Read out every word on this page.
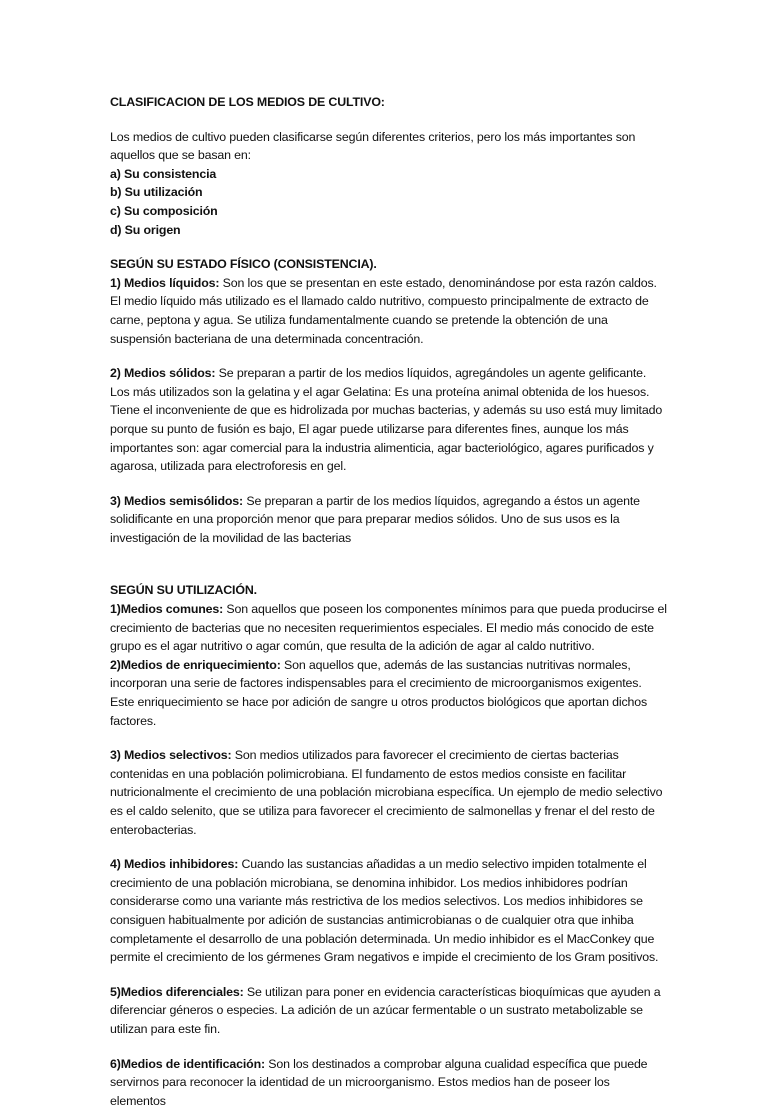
CLASIFICACION DE LOS MEDIOS DE CULTIVO:

Los medios de cultivo pueden clasificarse según diferentes criterios, pero los más importantes son aquellos que se basan en:

a) Su consistencia

b) Su utilización

c) Su composición

d) Su origen

SEGÚN SU ESTADO FÍSICO (CONSISTENCIA).

1) Medios líquidos: Son los que se presentan en este estado, denominándose por esta razón caldos. El medio líquido más utilizado es el llamado caldo nutritivo, compuesto principalmente de extracto de carne, peptona y agua. Se utiliza fundamentalmente cuando se pretende la obtención de una suspensión bacteriana de una determinada concentración.

2) Medios sólidos: Se preparan a partir de los medios líquidos, agregándoles un agente gelificante. Los más utilizados son la gelatina y el agar Gelatina: Es una proteína animal obtenida de los huesos. Tiene el inconveniente de que es hidrolizada por muchas bacterias, y además su uso está muy limitado porque su punto de fusión es bajo, El agar puede utilizarse para diferentes fines, aunque los más importantes son: agar comercial para la industria alimenticia, agar bacteriológico, agares purificados y agarosa, utilizada para electroforesis en gel.

3) Medios semisólidos: Se preparan a partir de los medios líquidos, agregando a éstos un agente solidificante en una proporción menor que para preparar medios sólidos. Uno de sus usos es la investigación de la movilidad de las bacterias

SEGÚN SU UTILIZACIÓN.

1)Medios comunes: Son aquellos que poseen los componentes mínimos para que pueda producirse el crecimiento de bacterias que no necesiten requerimientos especiales. El medio más conocido de este grupo es el agar nutritivo o agar común, que resulta de la adición de agar al caldo nutritivo.

2)Medios de enriquecimiento: Son aquellos que, además de las sustancias nutritivas normales, incorporan una serie de factores indispensables para el crecimiento de microorganismos exigentes. Este enriquecimiento se hace por adición de sangre u otros productos biológicos que aportan dichos factores.

3) Medios selectivos: Son medios utilizados para favorecer el crecimiento de ciertas bacterias contenidas en una población polimicrobiana. El fundamento de estos medios consiste en facilitar nutricionalmente el crecimiento de una población microbiana específica. Un ejemplo de medio selectivo es el caldo selenito, que se utiliza para favorecer el crecimiento de salmonellas y frenar el del resto de enterobacterias.

4) Medios inhibidores: Cuando las sustancias añadidas a un medio selectivo impiden totalmente el crecimiento de una población microbiana, se denomina inhibidor. Los medios inhibidores podrían considerarse como una variante más restrictiva de los medios selectivos. Los medios inhibidores se consiguen habitualmente por adición de sustancias antimicrobianas o de cualquier otra que inhiba completamente el desarrollo de una población determinada. Un medio inhibidor es el MacConkey que permite el crecimiento de los gérmenes Gram negativos e impide el crecimiento de los Gram positivos.

5)Medios diferenciales: Se utilizan para poner en evidencia características bioquímicas que ayuden a diferenciar géneros o especies. La adición de un azúcar fermentable o un sustrato metabolizable se utilizan para este fin.

6)Medios de identificación: Son los destinados a comprobar alguna cualidad específica que puede servirnos para reconocer la identidad de un microorganismo. Estos medios han de poseer los elementos
